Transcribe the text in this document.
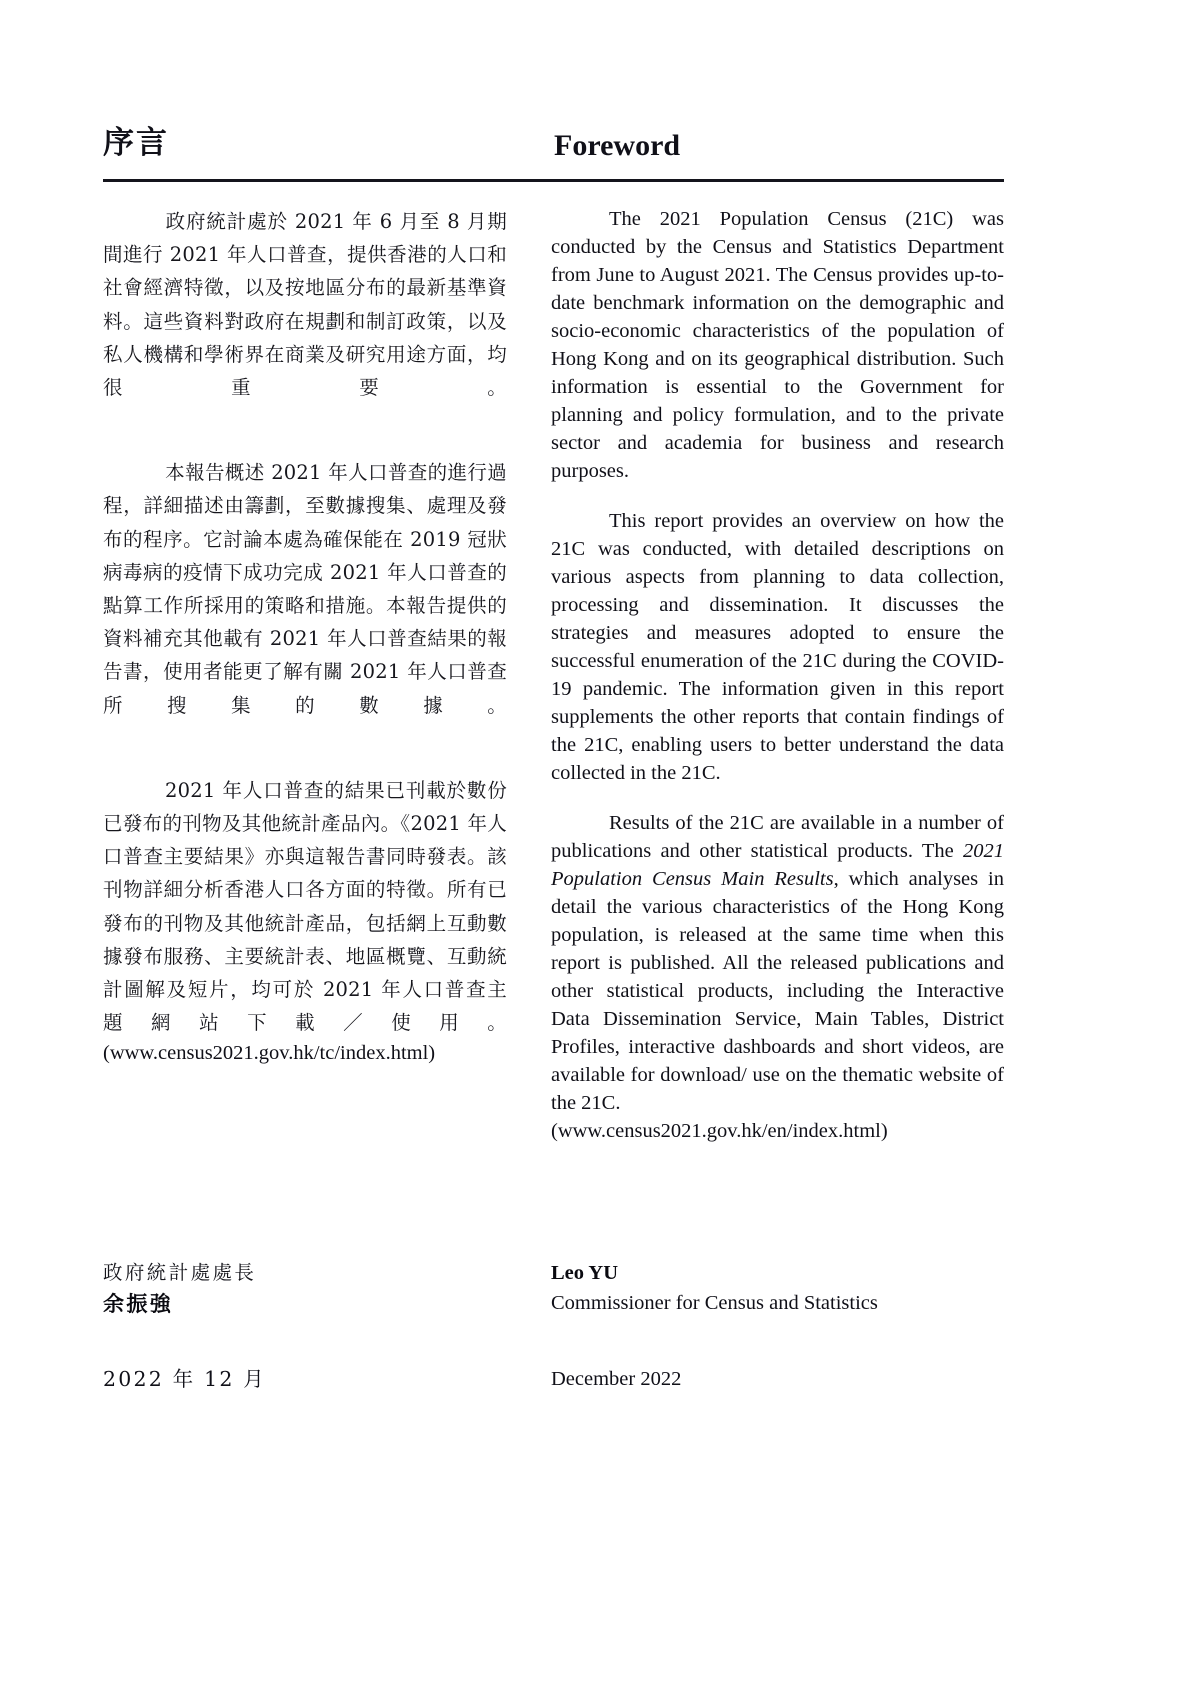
序言	Foreword

政府統計處於 2021 年 6 月至 8 月期間進行 2021 年人口普查，提供香港的人口和社會經濟特徵，以及按地區分布的最新基準資料。這些資料對政府在規劃和制訂政策，以及私人機構和學術界在商業及研究用途方面，均很重要。

本報告概述 2021 年人口普查的進行過程，詳細描述由籌劃，至數據搜集、處理及發布的程序。它討論本處為確保能在 2019 冠狀病毒病的疫情下成功完成 2021 年人口普查的點算工作所採用的策略和措施。本報告提供的資料補充其他載有 2021 年人口普查結果的報告書，使用者能更了解有關 2021 年人口普查所搜集的數據。

2021 年人口普查的結果已刊載於數份已發布的刊物及其他統計產品內。《2021 年人口普查主要結果》亦與這報告書同時發表。該刊物詳細分析香港人口各方面的特徵。所有已發布的刊物及其他統計產品，包括網上互動數據發布服務、主要統計表、地區概覽、互動統計圖解及短片，均可於 2021 年人口普查主 題 網 站 下 載 ／ 使 用 。

(www.census2021.gov.hk/tc/index.html)

The 2021 Population Census (21C) was conducted by the Census and Statistics Department from June to August 2021. The Census provides up-to-date benchmark information on the demographic and socio-economic characteristics of the population of Hong Kong and on its geographical distribution. Such information is essential to the Government for planning and policy formulation, and to the private sector and academia for business and research purposes.

This report provides an overview on how the 21C was conducted, with detailed descriptions on various aspects from planning to data collection, processing and dissemination. It discusses the strategies and measures adopted to ensure the successful enumeration of the 21C during the COVID-19 pandemic. The information given in this report supplements the other reports that contain findings of the 21C, enabling users to better understand the data collected in the 21C.

Results of the 21C are available in a number of publications and other statistical products. The 2021 Population Census Main Results, which analyses in detail the various characteristics of the Hong Kong population, is released at the same time when this report is published. All the released publications and other statistical products, including the Interactive Data Dissemination Service, Main Tables, District Profiles, interactive dashboards and short videos, are available for download/ use on the thematic website of the 21C.

(www.census2021.gov.hk/en/index.html)

政府統計處處長

余振強

Leo YU

Commissioner for Census and Statistics

2022 年 12 月	December 2022
